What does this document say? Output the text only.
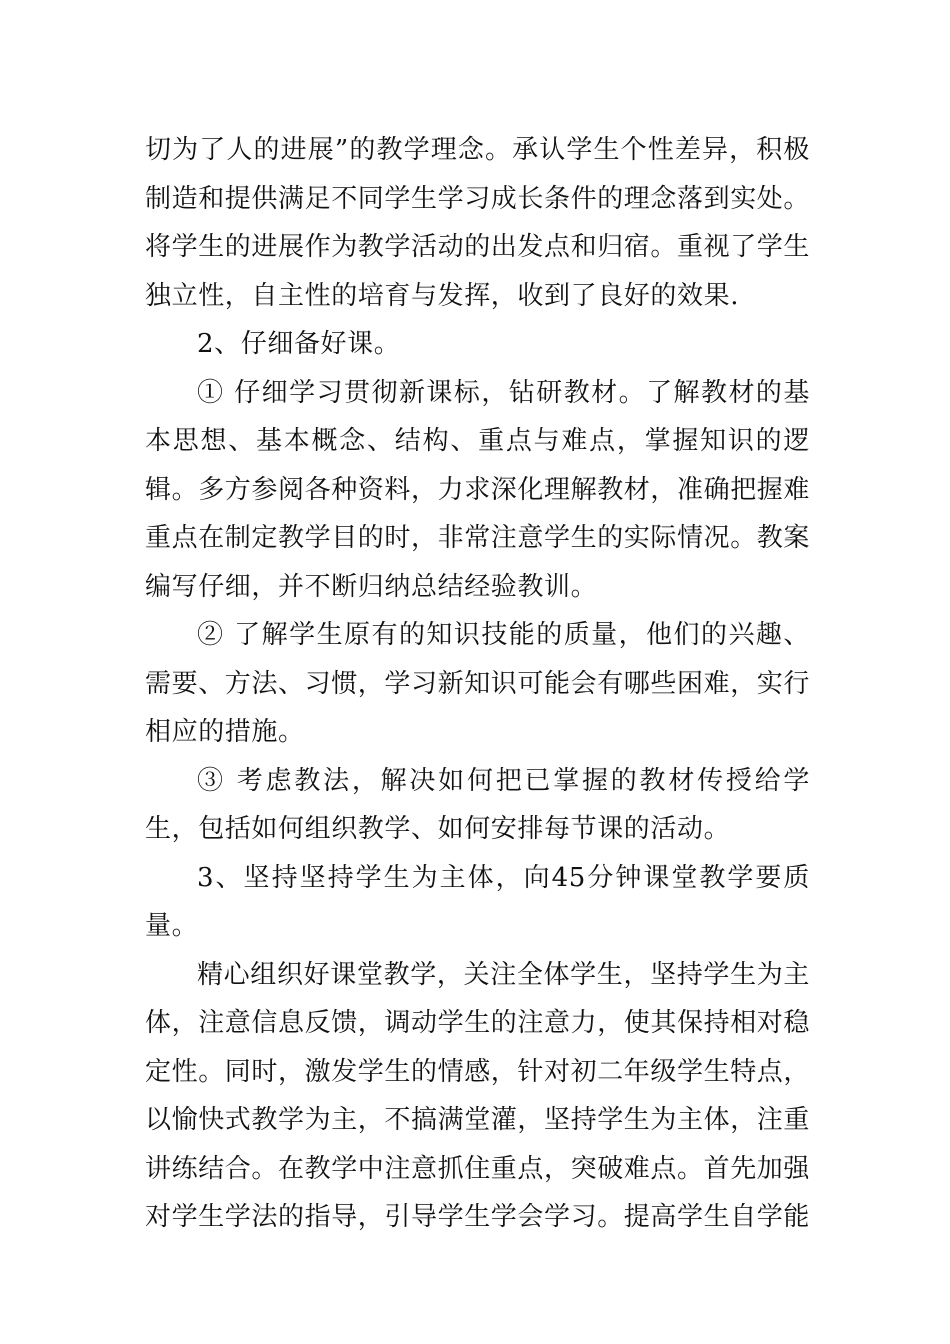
切为了人的进展”的教学理念。承认学生个性差异，积极制造和提供满足不同学生学习成长条件的理念落到实处。将学生的进展作为教学活动的出发点和归宿。重视了学生独立性，自主性的培育与发挥，收到了良好的效果.

2、仔细备好课。

① 仔细学习贯彻新课标，钻研教材。了解教材的基本思想、基本概念、结构、重点与难点，掌握知识的逻辑。多方参阅各种资料，力求深化理解教材，准确把握难重点在制定教学目的时，非常注意学生的实际情况。教案编写仔细，并不断归纳总结经验教训。

② 了解学生原有的知识技能的质量，他们的兴趣、需要、方法、习惯，学习新知识可能会有哪些困难，实行相应的措施。

③ 考虑教法，解决如何把已掌握的教材传授给学生，包括如何组织教学、如何安排每节课的活动。

3、坚持坚持学生为主体，向45分钟课堂教学要质量。

精心组织好课堂教学，关注全体学生，坚持学生为主体，注意信息反馈，调动学生的注意力，使其保持相对稳定性。同时，激发学生的情感，针对初二年级学生特点，以愉快式教学为主，不搞满堂灌，坚持学生为主体，注重讲练结合。在教学中注意抓住重点，突破难点。首先加强对学生学法的指导，引导学生学会学习。提高学生自学能
